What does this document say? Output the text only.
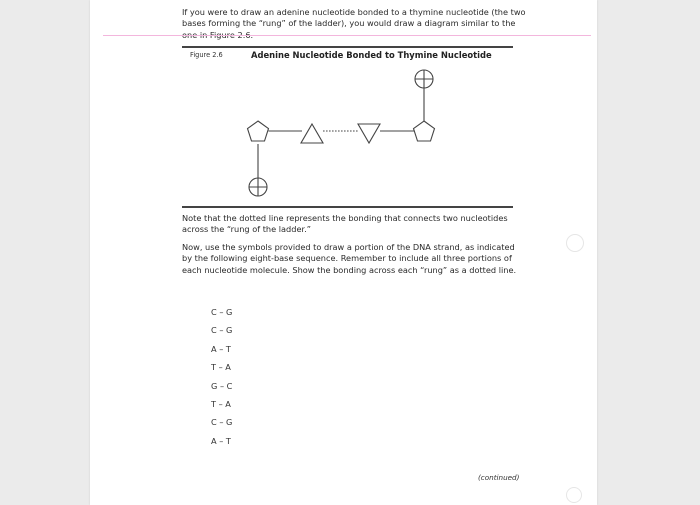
If you were to draw an adenine nucleotide bonded to a thymine nucleotide (the two bases forming the “rung” of the ladder), you would draw a diagram similar to the

Figure 2.6	Adenine Nucleotide Bonded to Thymine Nucleotide

Note that the dotted line represents the bonding that connects two nucleotides across the “rung of the ladder.”

Now, use the symbols provided to draw a portion of the DNA strand, as indicated by the following eight-base sequence. Remember to include all three portions of each nucleotide molecule. Show the bonding across each “rung” as a dotted line.

C – G
C – G
A – T
T – A
G – C
T – A
C – G
A – T
(continued)
